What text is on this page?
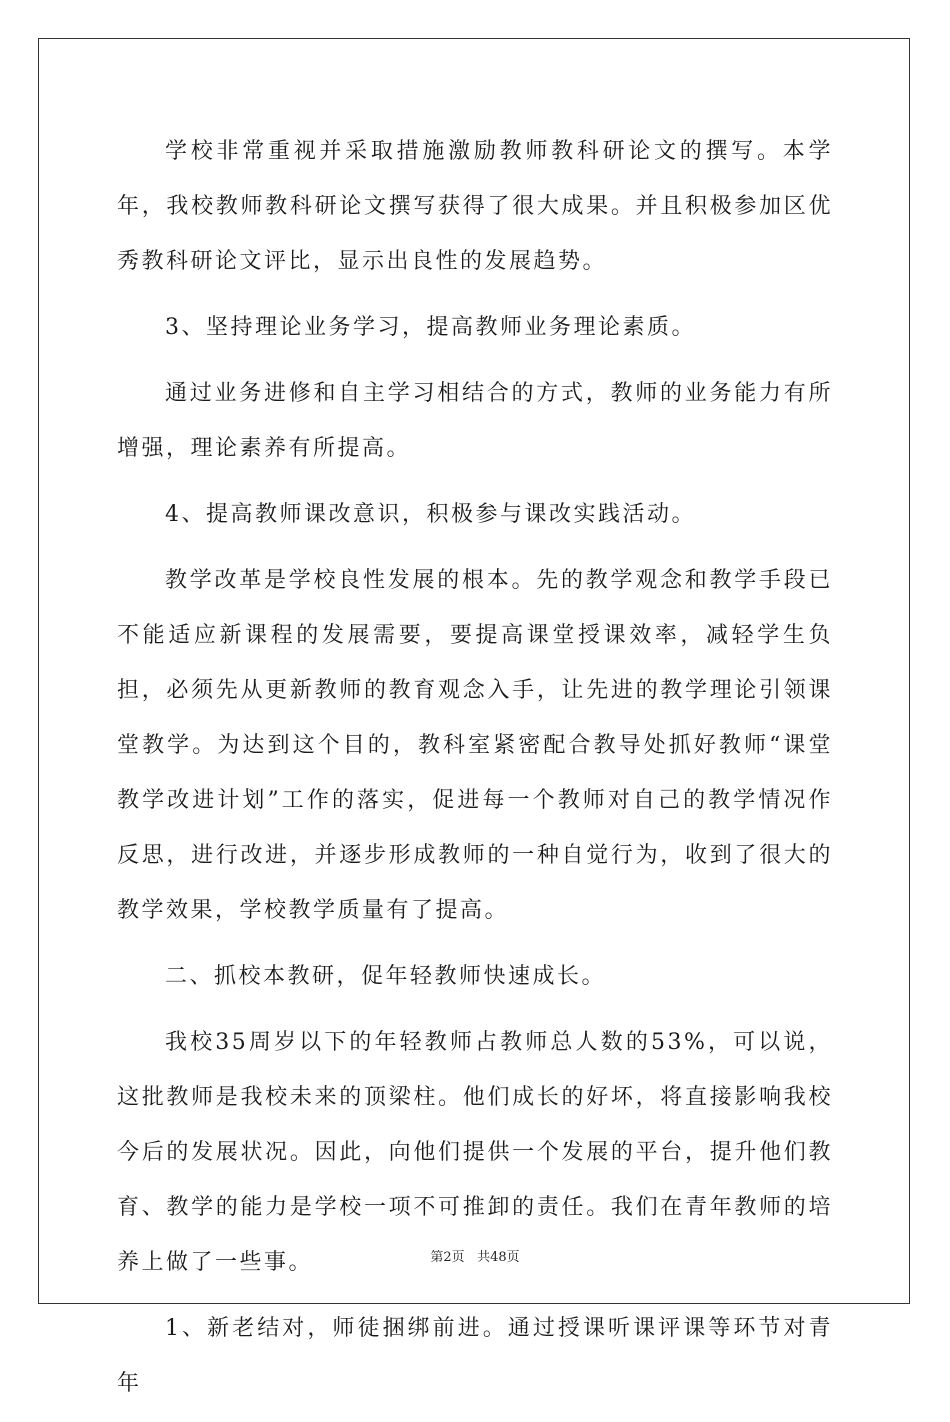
学校非常重视并采取措施激励教师教科研论文的撰写。本学年，我校教师教科研论文撰写获得了很大成果。并且积极参加区优秀教科研论文评比，显示出良性的发展趋势。

3、坚持理论业务学习，提高教师业务理论素质。

通过业务进修和自主学习相结合的方式，教师的业务能力有所增强，理论素养有所提高。

4、提高教师课改意识，积极参与课改实践活动。

教学改革是学校良性发展的根本。先的教学观念和教学手段已不能适应新课程的发展需要，要提高课堂授课效率，减轻学生负担，必须先从更新教师的教育观念入手，让先进的教学理论引领课堂教学。为达到这个目的，教科室紧密配合教导处抓好教师“课堂教学改进计划”工作的落实，促进每一个教师对自己的教学情况作反思，进行改进，并逐步形成教师的一种自觉行为，收到了很大的教学效果，学校教学质量有了提高。

二、抓校本教研，促年轻教师快速成长。

我校35周岁以下的年轻教师占教师总人数的53%，可以说，这批教师是我校未来的顶梁柱。他们成长的好坏，将直接影响我校今后的发展状况。因此，向他们提供一个发展的平台，提升他们教育、教学的能力是学校一项不可推卸的责任。我们在青年教师的培养上做了一些事。

1、新老结对，师徒捆绑前进。通过授课听课评课等环节对青年

第2页 共48页
